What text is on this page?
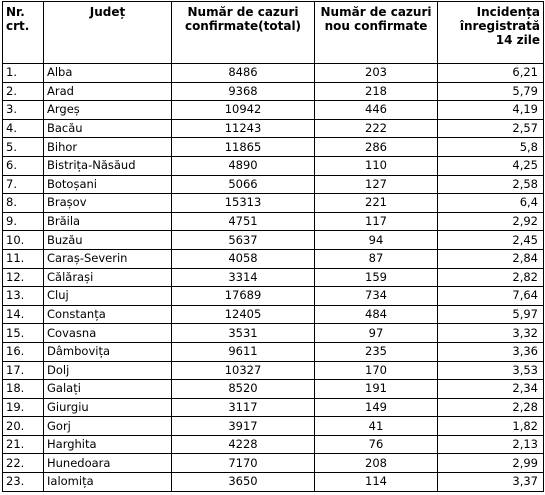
Nr. crt.	Județ	Număr de cazuri confirmate(total)	Număr de cazuri nou confirmate	Incidența înregistrată 14 zile
1.	Alba	8486	203	6,21
2.	Arad	9368	218	5,79
3.	Argeș	10942	446	4,19
4.	Bacău	11243	222	2,57
5.	Bihor	11865	286	5,8
6.	Bistrița-Năsăud	4890	110	4,25
7.	Botoșani	5066	127	2,58
8.	Brașov	15313	221	6,4
9.	Brăila	4751	117	2,92
10.	Buzău	5637	94	2,45
11.	Caraș-Severin	4058	87	2,84
12.	Călărași	3314	159	2,82
13.	Cluj	17689	734	7,64
14.	Constanța	12405	484	5,97
15.	Covasna	3531	97	3,32
16.	Dâmbovița	9611	235	3,36
17.	Dolj	10327	170	3,53
18.	Galați	8520	191	2,34
19.	Giurgiu	3117	149	2,28
20.	Gorj	3917	41	1,82
21.	Harghita	4228	76	2,13
22.	Hunedoara	7170	208	2,99
23.	Ialomița	3650	114	3,37
